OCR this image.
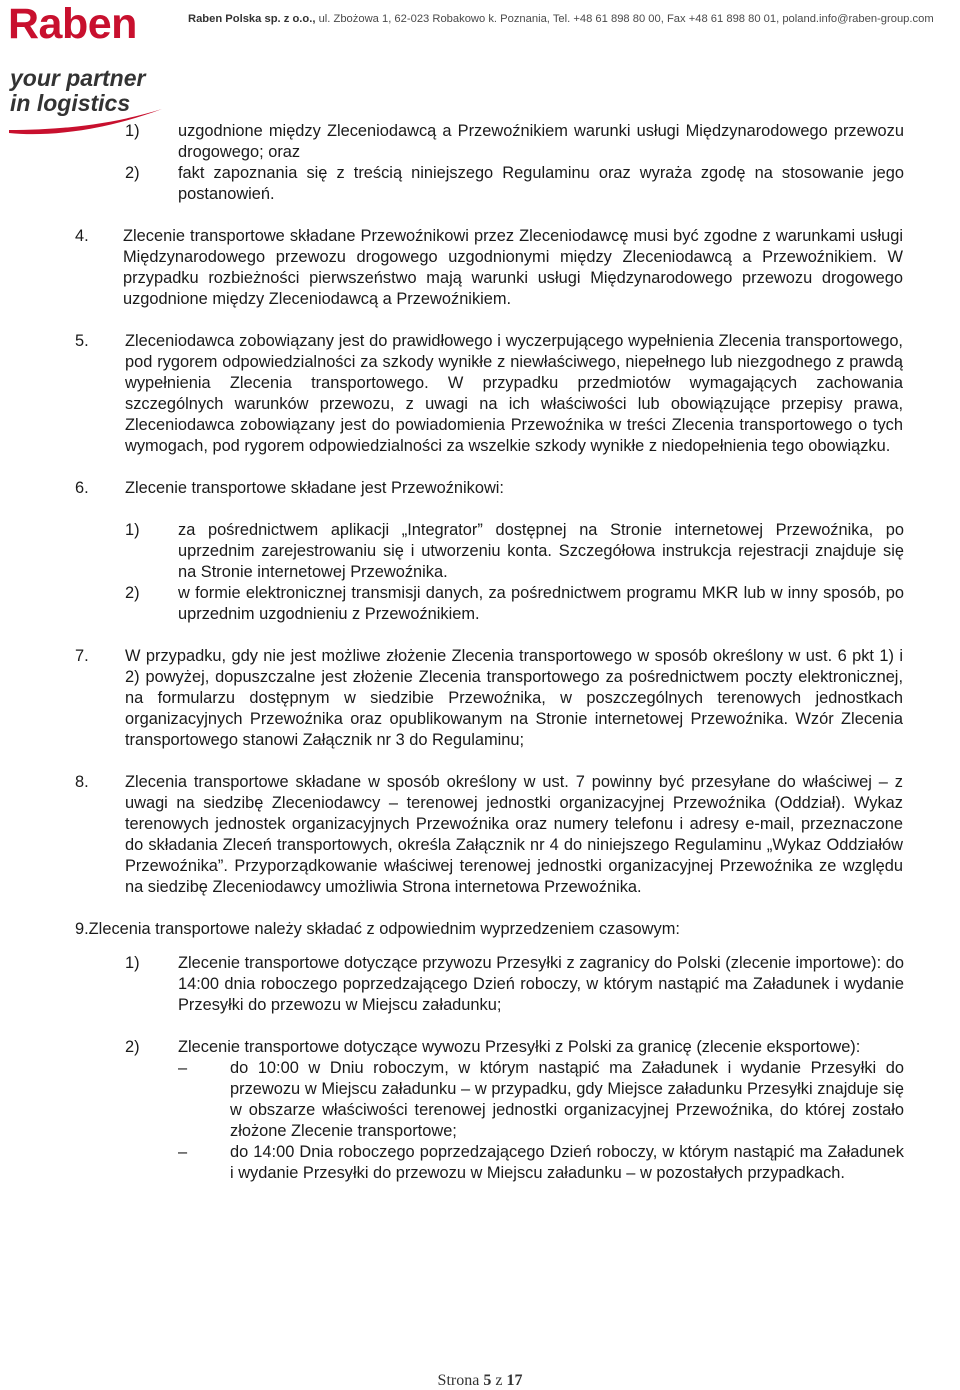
Raben
your partner
in logistics
Raben Polska sp. z o.o., ul. Zbożowa 1, 62-023 Robakowo k. Poznania, Tel. +48 61 898 80 00, Fax +48 61 898 80 01, poland.info@raben-group.com
1) uzgodnione między Zleceniodawcą a Przewoźnikiem warunki usługi Międzynarodowego przewozu drogowego; oraz
2) fakt zapoznania się z treścią niniejszego Regulaminu oraz wyraża zgodę na stosowanie jego postanowień.
4. Zlecenie transportowe składane Przewoźnikowi przez Zleceniodawcę musi być zgodne z warunkami usługi Międzynarodowego przewozu drogowego uzgodnionymi między Zleceniodawcą a Przewoźnikiem. W przypadku rozbieżności pierwszeństwo mają warunki usługi Międzynarodowego przewozu drogowego uzgodnione między Zleceniodawcą a Przewoźnikiem.
5. Zleceniodawca zobowiązany jest do prawidłowego i wyczerpującego wypełnienia Zlecenia transportowego, pod rygorem odpowiedzialności za szkody wynikłe z niewłaściwego, niepełnego lub niezgodnego z prawdą wypełnienia Zlecenia transportowego. W przypadku przedmiotów wymagających zachowania szczególnych warunków przewozu, z uwagi na ich właściwości lub obowiązujące przepisy prawa, Zleceniodawca zobowiązany jest do powiadomienia Przewoźnika w treści Zlecenia transportowego o tych wymogach, pod rygorem odpowiedzialności za wszelkie szkody wynikłe z niedopełnienia tego obowiązku.
6. Zlecenie transportowe składane jest Przewoźnikowi:
1) za pośrednictwem aplikacji „Integrator” dostępnej na Stronie internetowej Przewoźnika, po uprzednim zarejestrowaniu się i utworzeniu konta. Szczegółowa instrukcja rejestracji znajduje się na Stronie internetowej Przewoźnika.
2) w formie elektronicznej transmisji danych, za pośrednictwem programu MKR lub w inny sposób, po uprzednim uzgodnieniu z Przewoźnikiem.
7. W przypadku, gdy nie jest możliwe złożenie Zlecenia transportowego w sposób określony w ust. 6 pkt 1) i 2) powyżej, dopuszczalne jest złożenie Zlecenia transportowego za pośrednictwem poczty elektronicznej, na formularzu dostępnym w siedzibie Przewoźnika, w poszczególnych terenowych jednostkach organizacyjnych Przewoźnika oraz opublikowanym na Stronie internetowej Przewoźnika. Wzór Zlecenia transportowego stanowi Załącznik nr 3 do Regulaminu;
8. Zlecenia transportowe składane w sposób określony w ust. 7 powinny być przesyłane do właściwej – z uwagi na siedzibę Zleceniodawcy – terenowej jednostki organizacyjnej Przewoźnika (Oddział). Wykaz terenowych jednostek organizacyjnych Przewoźnika oraz numery telefonu i adresy e-mail, przeznaczone do składania Zleceń transportowych, określa Załącznik nr 4 do niniejszego Regulaminu „Wykaz Oddziałów Przewoźnika”. Przyporządkowanie właściwej terenowej jednostki organizacyjnej Przewoźnika ze względu na siedzibę Zleceniodawcy umożliwia Strona internetowa Przewoźnika.
9.Zlecenia transportowe należy składać z odpowiednim wyprzedzeniem czasowym:
1) Zlecenie transportowe dotyczące przywozu Przesyłki z zagranicy do Polski (zlecenie importowe): do 14:00 dnia roboczego poprzedzającego Dzień roboczy, w którym nastąpić ma Załadunek i wydanie Przesyłki do przewozu w Miejscu załadunku;
2) Zlecenie transportowe dotyczące wywozu Przesyłki z Polski za granicę (zlecenie eksportowe):
–	do 10:00 w Dniu roboczym, w którym nastąpić ma Załadunek i wydanie Przesyłki do przewozu w Miejscu załadunku – w przypadku, gdy Miejsce załadunku Przesyłki znajduje się w obszarze właściwości terenowej jednostki organizacyjnej Przewoźnika, do której zostało złożone Zlecenie transportowe;
–	do 14:00 Dnia roboczego poprzedzającego Dzień roboczy, w którym nastąpić ma Załadunek i wydanie Przesyłki do przewozu w Miejscu załadunku – w pozostałych przypadkach.
Strona 5 z 17
